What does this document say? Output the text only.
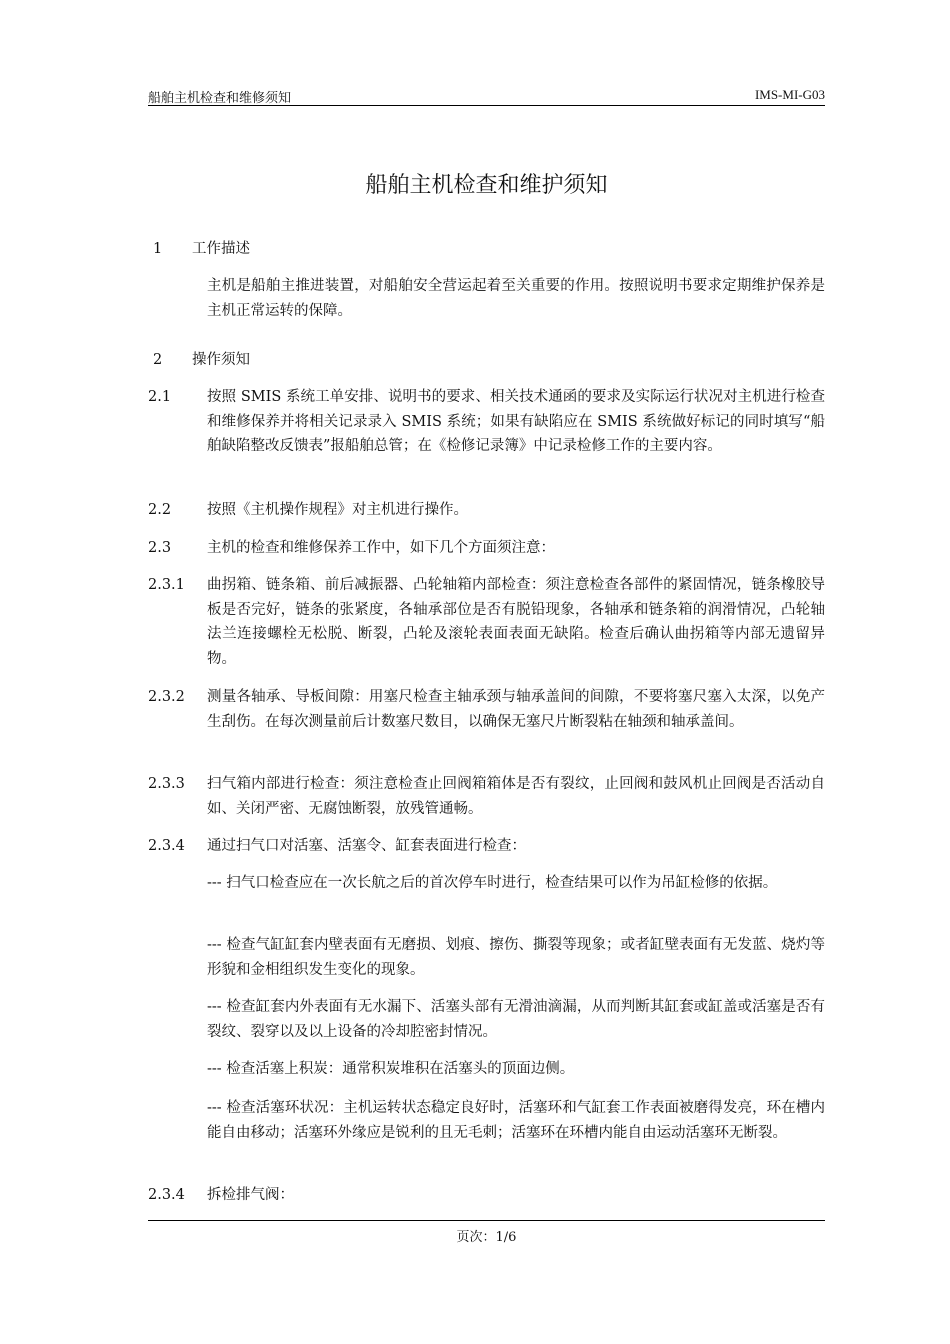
船舶主机检查和维修须知	IMS-MI-G03
船舶主机检查和维护须知
1 工作描述
主机是船舶主推进装置，对船舶安全营运起着至关重要的作用。按照说明书要求定期维护保养是主机正常运转的保障。
2 操作须知
2.1 按照 SMIS 系统工单安排、说明书的要求、相关技术通函的要求及实际运行状况对主机进行检查和维修保养并将相关记录录入 SMIS 系统；如果有缺陷应在 SMIS 系统做好标记的同时填写“船舶缺陷整改反馈表”报船舶总管；在《检修记录簿》中记录检修工作的主要内容。
2.2 按照《主机操作规程》对主机进行操作。
2.3 主机的检查和维修保养工作中，如下几个方面须注意：
2.3.1 曲拐箱、链条箱、前后减振器、凸轮轴箱内部检查：须注意检查各部件的紧固情况，链条橡胶导板是否完好，链条的张紧度，各轴承部位是否有脱铅现象，各轴承和链条箱的润滑情况，凸轮轴法兰连接螺栓无松脱、断裂，凸轮及滚轮表面表面无缺陷。检查后确认曲拐箱等内部无遗留异物。
2.3.2 测量各轴承、导板间隙：用塞尺检查主轴承颈与轴承盖间的间隙，不要将塞尺塞入太深，以免产生刮伤。在每次测量前后计数塞尺数目，以确保无塞尺片断裂粘在轴颈和轴承盖间。
2.3.3 扫气箱内部进行检查：须注意检查止回阀箱箱体是否有裂纹，止回阀和鼓风机止回阀是否活动自如、关闭严密、无腐蚀断裂，放残管通畅。
2.3.4 通过扫气口对活塞、活塞令、缸套表面进行检查：
--- 扫气口检查应在一次长航之后的首次停车时进行，检查结果可以作为吊缸检修的依据。
--- 检查气缸缸套内壁表面有无磨损、划痕、擦伤、撕裂等现象；或者缸壁表面有无发蓝、烧灼等形貌和金相组织发生变化的现象。
--- 检查缸套内外表面有无水漏下、活塞头部有无滑油滴漏，从而判断其缸套或缸盖或活塞是否有裂纹、裂穿以及以上设备的冷却腔密封情况。
--- 检查活塞上积炭：通常积炭堆积在活塞头的顶面边侧。
--- 检查活塞环状况：主机运转状态稳定良好时，活塞环和气缸套工作表面被磨得发亮，环在槽内能自由移动；活塞环外缘应是锐利的且无毛刺；活塞环在环槽内能自由运动活塞环无断裂。
2.3.4 拆检排气阀：
页次：1/6
